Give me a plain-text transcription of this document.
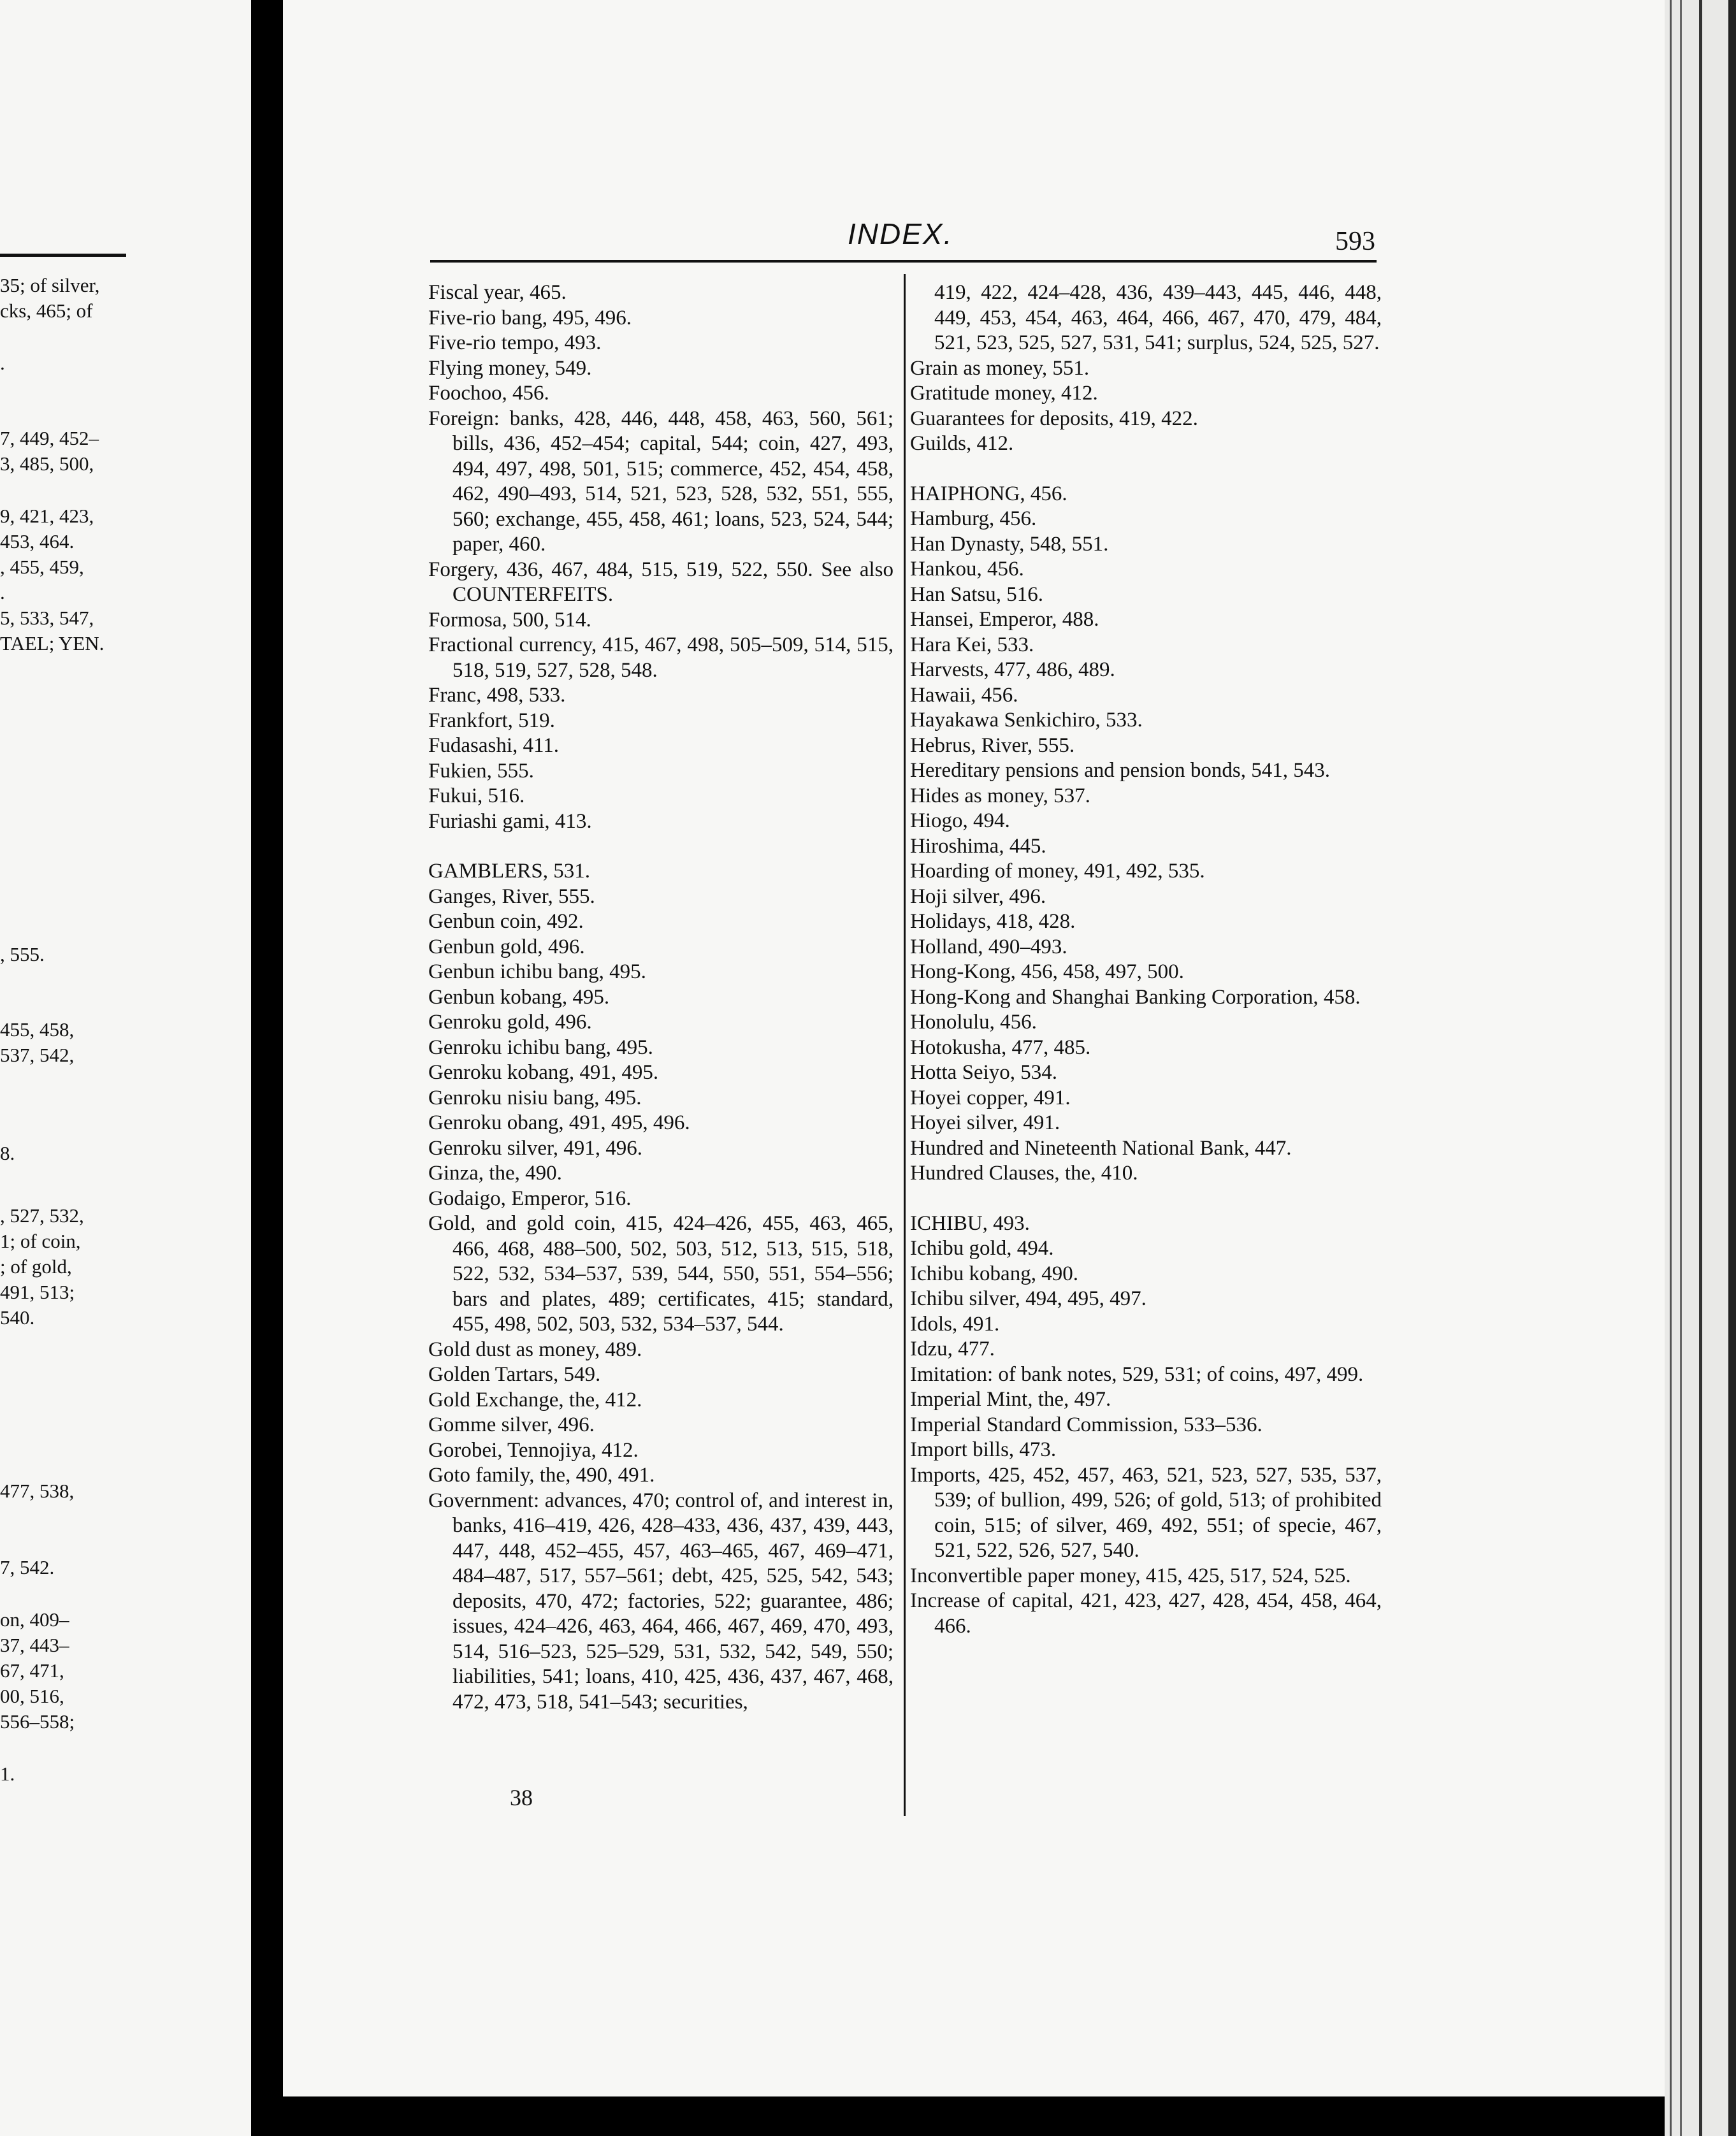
35; of silver,
cks, 465; of
.
7, 449, 452–
3, 485, 500,
9, 421, 423,
453, 464.
, 455, 459,
.
5, 533, 547,
TAEL; YEN.
, 555.
455, 458,
537, 542,
8.
, 527, 532,
1; of coin,
; of gold,
491, 513;
540.
477, 538,
7, 542.
on, 409–
37, 443–
67, 471,
00, 516,
556–558;
1.
INDEX.	593
Fiscal year, 465.
Five-rio bang, 495, 496.
Five-rio tempo, 493.
Flying money, 549.
Foochoo, 456.
Foreign: banks, 428, 446, 448, 458, 463, 560, 561; bills, 436, 452–454; capital, 544; coin, 427, 493, 494, 497, 498, 501, 515; commerce, 452, 454, 458, 462, 490–493, 514, 521, 523, 528, 532, 551, 555, 560; exchange, 455, 458, 461; loans, 523, 524, 544; paper, 460.
Forgery, 436, 467, 484, 515, 519, 522, 550. See also COUNTERFEITS.
Formosa, 500, 514.
Fractional currency, 415, 467, 498, 505–509, 514, 515, 518, 519, 527, 528, 548.
Franc, 498, 533.
Frankfort, 519.
Fudasashi, 411.
Fukien, 555.
Fukui, 516.
Furiashi gami, 413.
GAMBLERS, 531.
Ganges, River, 555.
Genbun coin, 492.
Genbun gold, 496.
Genbun ichibu bang, 495.
Genbun kobang, 495.
Genroku gold, 496.
Genroku ichibu bang, 495.
Genroku kobang, 491, 495.
Genroku nisiu bang, 495.
Genroku obang, 491, 495, 496.
Genroku silver, 491, 496.
Ginza, the, 490.
Godaigo, Emperor, 516.
Gold, and gold coin, 415, 424–426, 455, 463, 465, 466, 468, 488–500, 502, 503, 512, 513, 515, 518, 522, 532, 534–537, 539, 544, 550, 551, 554–556; bars and plates, 489; certificates, 415; standard, 455, 498, 502, 503, 532, 534–537, 544.
Gold dust as money, 489.
Golden Tartars, 549.
Gold Exchange, the, 412.
Gomme silver, 496.
Gorobei, Tennojiya, 412.
Goto family, the, 490, 491.
Government: advances, 470; control of, and interest in, banks, 416–419, 426, 428–433, 436, 437, 439, 443, 447, 448, 452–455, 457, 463–465, 467, 469–471, 484–487, 517, 557–561; debt, 425, 525, 542, 543; deposits, 470, 472; factories, 522; guarantee, 486; issues, 424–426, 463, 464, 466, 467, 469, 470, 493, 514, 516–523, 525–529, 531, 532, 542, 549, 550; liabilities, 541; loans, 410, 425, 436, 437, 467, 468, 472, 473, 518, 541–543; securities,
419, 422, 424–428, 436, 439–443, 445, 446, 448, 449, 453, 454, 463, 464, 466, 467, 470, 479, 484, 521, 523, 525, 527, 531, 541; surplus, 524, 525, 527.
Grain as money, 551.
Gratitude money, 412.
Guarantees for deposits, 419, 422.
Guilds, 412.
HAIPHONG, 456.
Hamburg, 456.
Han Dynasty, 548, 551.
Hankou, 456.
Han Satsu, 516.
Hansei, Emperor, 488.
Hara Kei, 533.
Harvests, 477, 486, 489.
Hawaii, 456.
Hayakawa Senkichiro, 533.
Hebrus, River, 555.
Hereditary pensions and pension bonds, 541, 543.
Hides as money, 537.
Hiogo, 494.
Hiroshima, 445.
Hoarding of money, 491, 492, 535.
Hoji silver, 496.
Holidays, 418, 428.
Holland, 490–493.
Hong-Kong, 456, 458, 497, 500.
Hong-Kong and Shanghai Banking Corporation, 458.
Honolulu, 456.
Hotokusha, 477, 485.
Hotta Seiyo, 534.
Hoyei copper, 491.
Hoyei silver, 491.
Hundred and Nineteenth National Bank, 447.
Hundred Clauses, the, 410.
ICHIBU, 493.
Ichibu gold, 494.
Ichibu kobang, 490.
Ichibu silver, 494, 495, 497.
Idols, 491.
Idzu, 477.
Imitation: of bank notes, 529, 531; of coins, 497, 499.
Imperial Mint, the, 497.
Imperial Standard Commission, 533–536.
Import bills, 473.
Imports, 425, 452, 457, 463, 521, 523, 527, 535, 537, 539; of bullion, 499, 526; of gold, 513; of prohibited coin, 515; of silver, 469, 492, 551; of specie, 467, 521, 522, 526, 527, 540.
Inconvertible paper money, 415, 425, 517, 524, 525.
Increase of capital, 421, 423, 427, 428, 454, 458, 464, 466.
38
